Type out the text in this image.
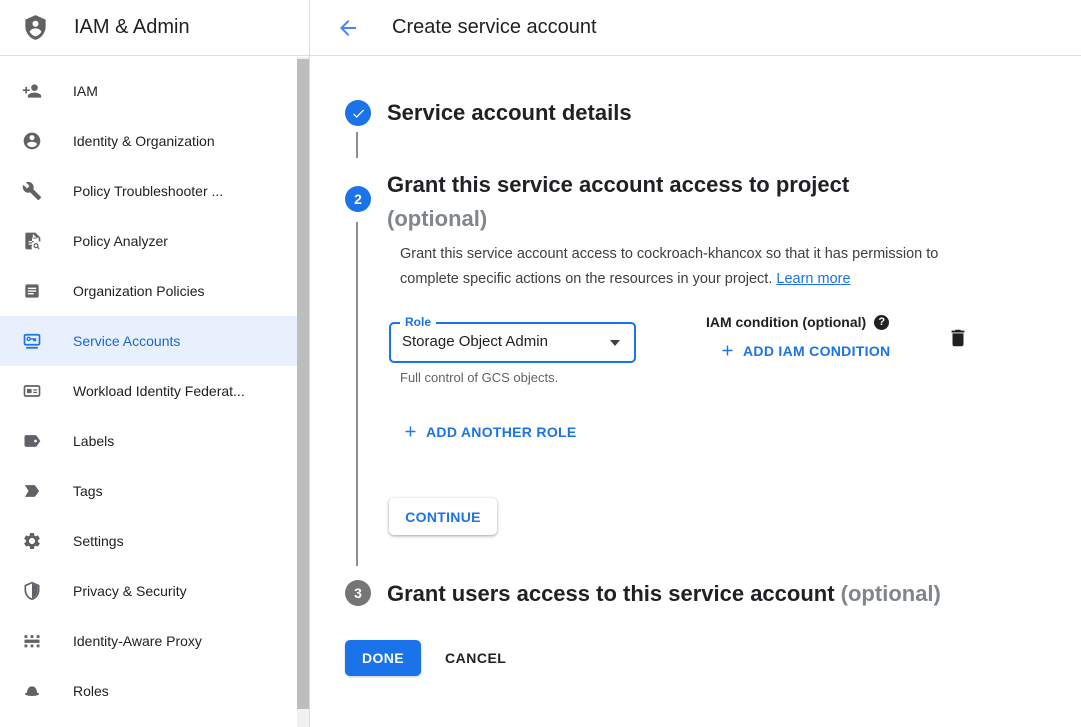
IAM & Admin
IAM
Identity & Organization
Policy Troubleshooter ...
Policy Analyzer
Organization Policies
Service Accounts
Workload Identity Federat...
Labels
Tags
Settings
Privacy & Security
Identity-Aware Proxy
Roles
Create service account
Service account details
2
Grant this service account access to project (optional)

Grant this service account access to cockroach-khancox so that it has permission to complete specific actions on the resources in your project. Learn more

Role
Storage Object Admin
Full control of GCS objects.
IAM condition (optional)	?
ADD IAM CONDITION
ADD ANOTHER ROLE
CONTINUE
3 Grant users access to this service account (optional)
DONE	CANCEL
